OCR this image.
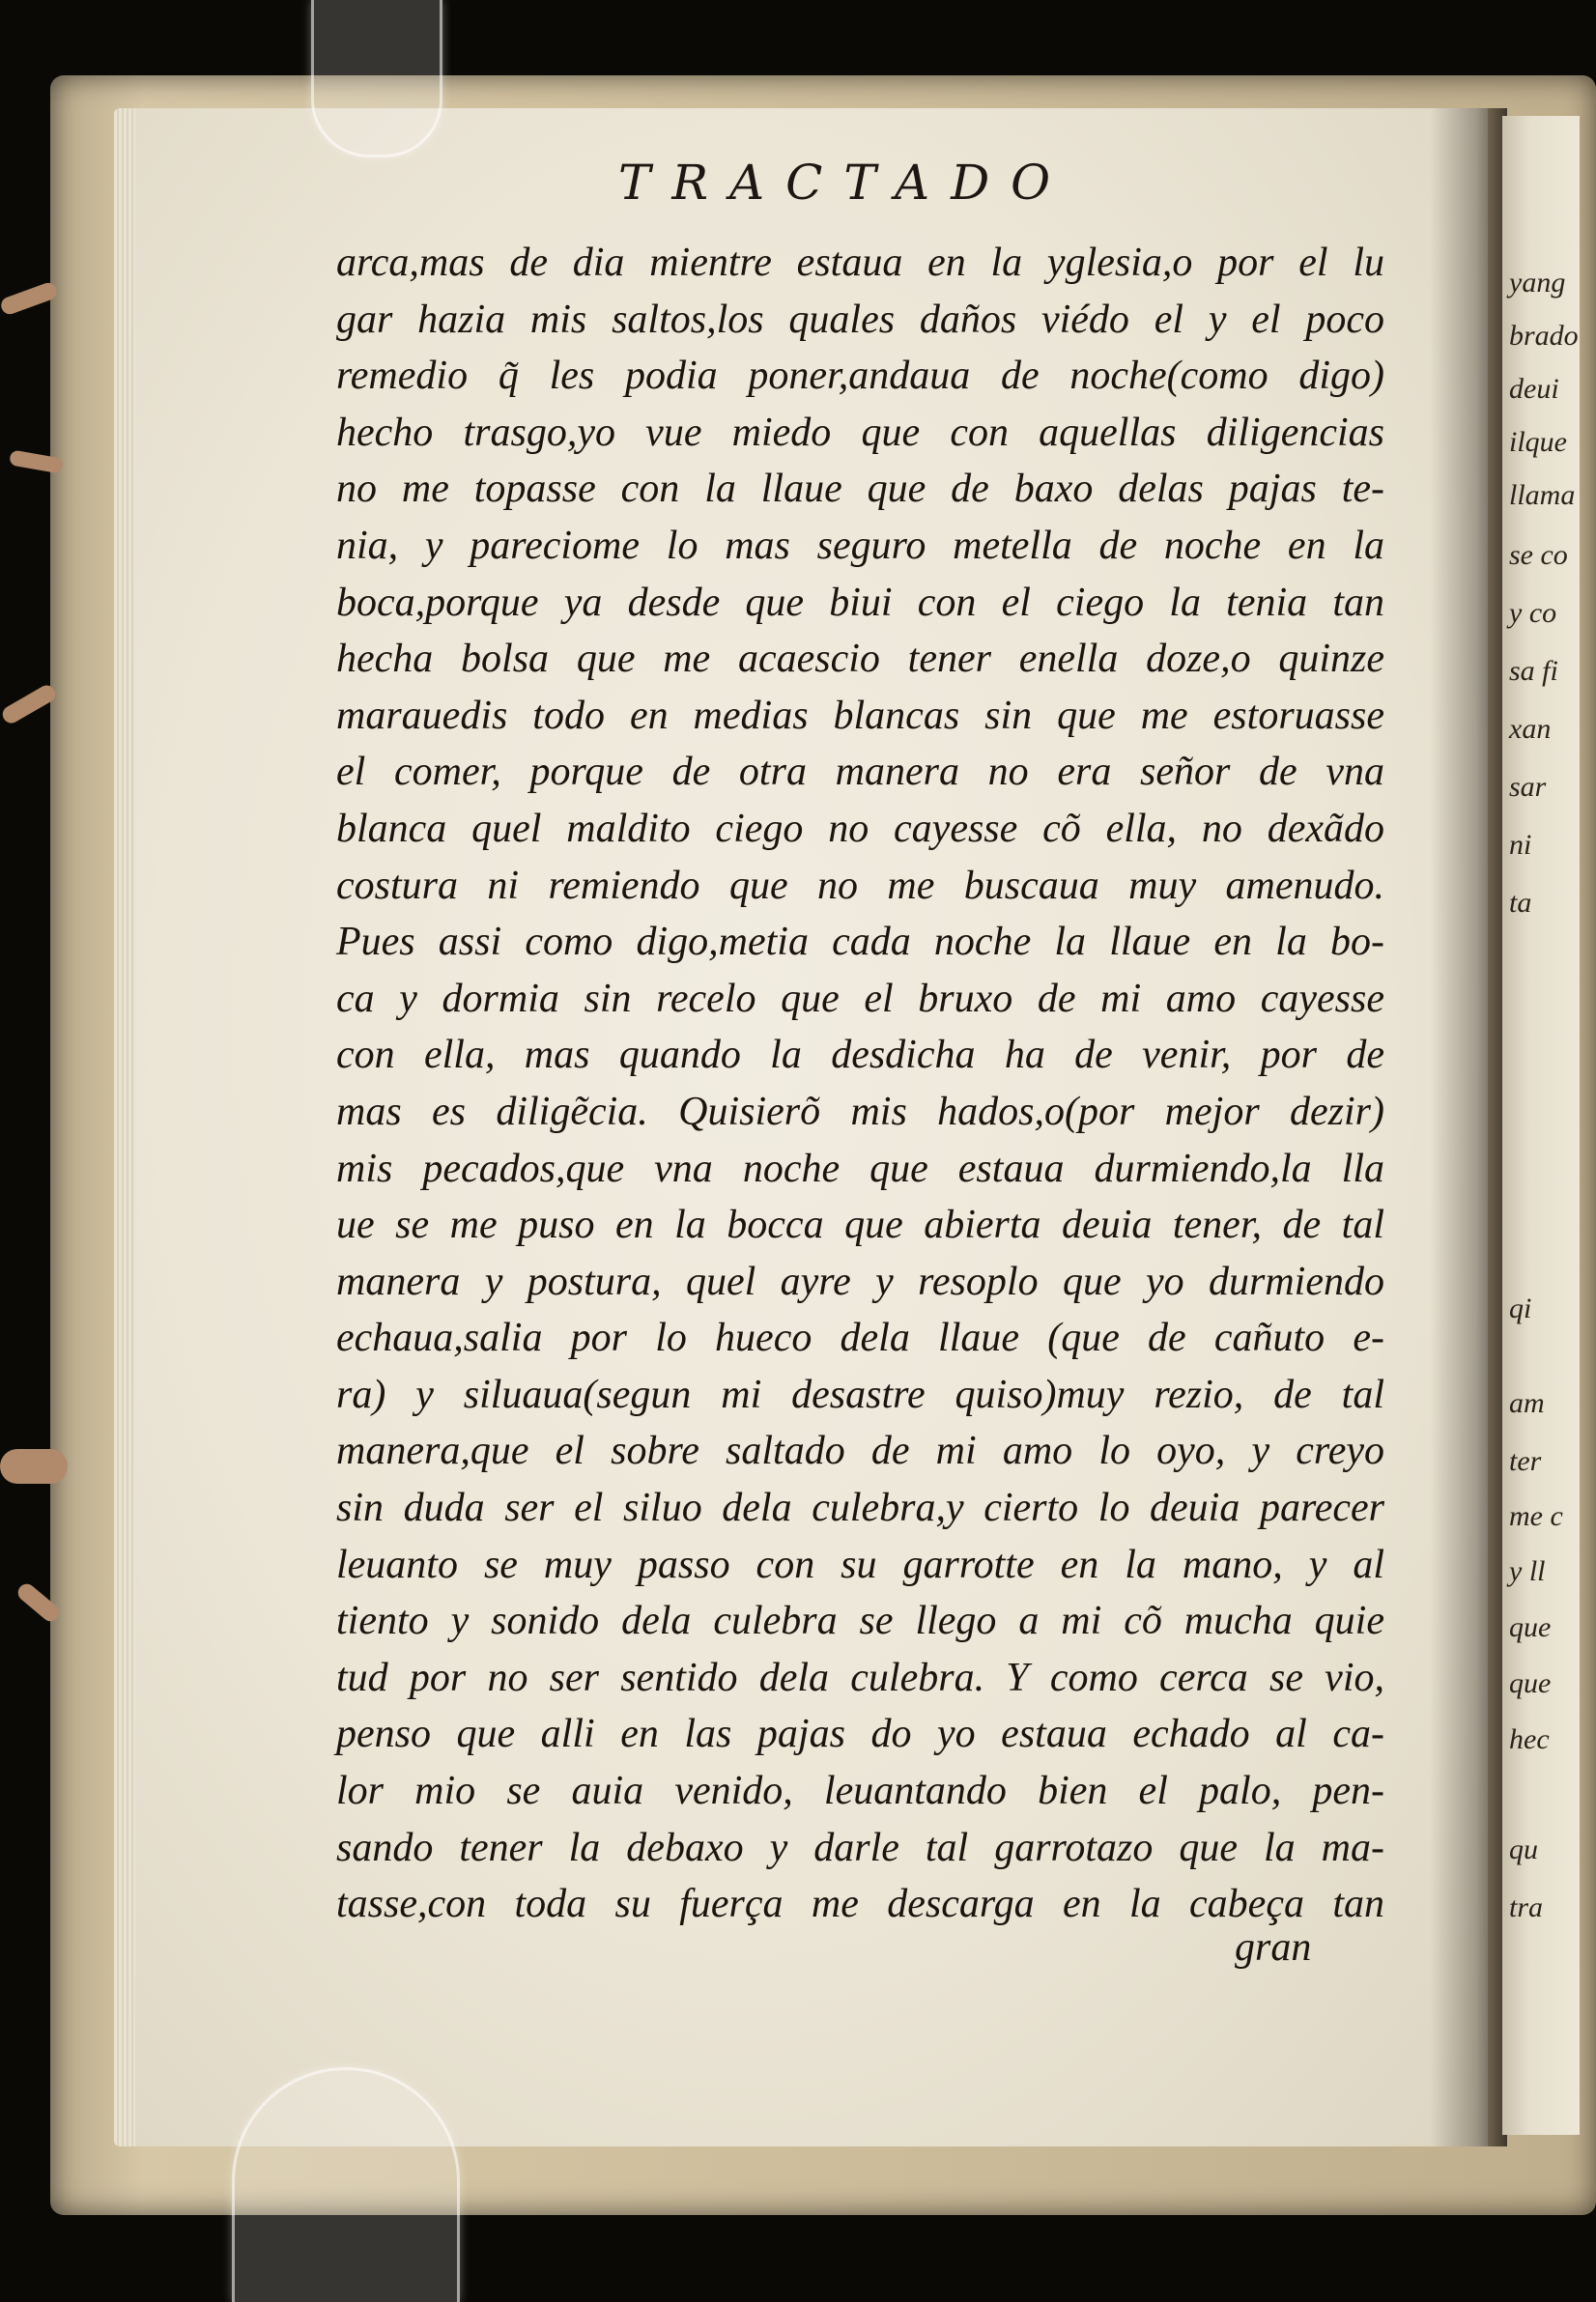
TRACTADO
arca,mas de dia mientre estaua en la yglesia,o por el lu
gar hazia mis saltos,los quales daños viédo el y el poco
remedio q̃ les podia poner,andaua de noche(como digo)
hecho trasgo,yo vue miedo que con aquellas diligencias
no me topasse con la llaue que de baxo delas pajas te-
nia, y pareciome lo mas seguro metella de noche en la
boca,porque ya desde que biui con el ciego la tenia tan
hecha bolsa que me acaescio tener enella doze,o quinze
marauedis todo en medias blancas sin que me estoruasse
el comer, porque de otra manera no era señor de vna
blanca quel maldito ciego no cayesse cõ ella, no dexãdo
costura ni remiendo que no me buscaua muy amenudo.
Pues assi como digo,metia cada noche la llaue en la bo-
ca y dormia sin recelo que el bruxo de mi amo cayesse
con ella, mas quando la desdicha ha de venir, por de
mas es diligẽcia. Quisierõ mis hados,o(por mejor dezir)
mis pecados,que vna noche que estaua durmiendo,la lla
ue se me puso en la bocca que abierta deuia tener, de tal
manera y postura, quel ayre y resoplo que yo durmiendo
echaua,salia por lo hueco dela llaue (que de cañuto e-
ra) y siluaua(segun mi desastre quiso)muy rezio, de tal
manera,que el sobre saltado de mi amo lo oyo, y creyo
sin duda ser el siluo dela culebra,y cierto lo deuia parecer
leuanto se muy passo con su garrotte en la mano, y al
tiento y sonido dela culebra se llego a mi cõ mucha quie
tud por no ser sentido dela culebra. Y como cerca se vio,
penso que alli en las pajas do yo estaua echado al ca-
lor mio se auia venido, leuantando bien el palo, pen-
sando tener la debaxo y darle tal garrotazo que la ma-
tasse,con toda su fuerça me descarga en la cabeça tan
gran
yang
brado
deui
ilque
llama
se co
y co
sa fi
xan
sar
ni
ta
qi
am
ter
me c
y ll
que
que
hec
qu
tra
